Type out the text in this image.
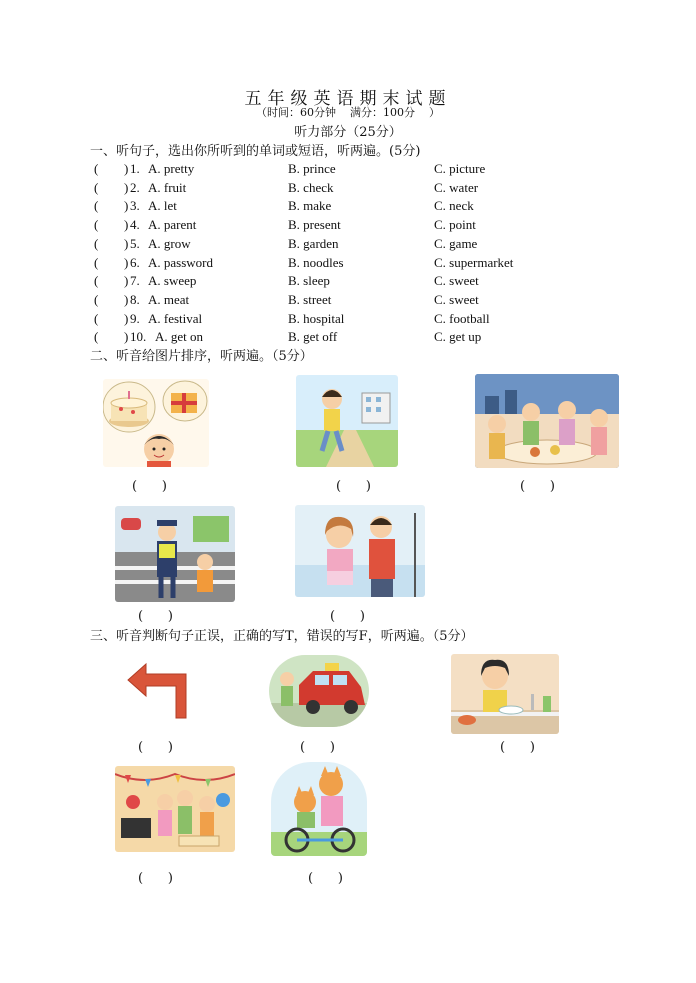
五年级英语期末试题
（时间：60分钟    满分：100分    ）
听力部分（25分）
一、听句子，选出你所听到的单词或短语，听两遍。(5分)
( ) 1. A. pretty	B. prince	C. picture
( ) 2. A. fruit	B. check	C. water
( ) 3. A. let	B. make	C. neck
( ) 4. A. parent	B. present	C. point
( ) 5. A. grow	B. garden	C. game
( ) 6. A. password	B. noodles	C. supermarket
( ) 7. A. sweep	B. sleep	C. sweet
( ) 8. A. meat	B. street	C. sweet
( ) 9. A. festival	B. hospital	C. football
( ) 10. A. get on	B. get off	C. get up
二、听音给图片排序，听两遍。（5分）
(      )	(      )	(      )
(      )	(      )
三、听音判断句子正误，正确的写T，错误的写F，听两遍。（5分）
(      )	(      )	(      )
(      )	(      )
